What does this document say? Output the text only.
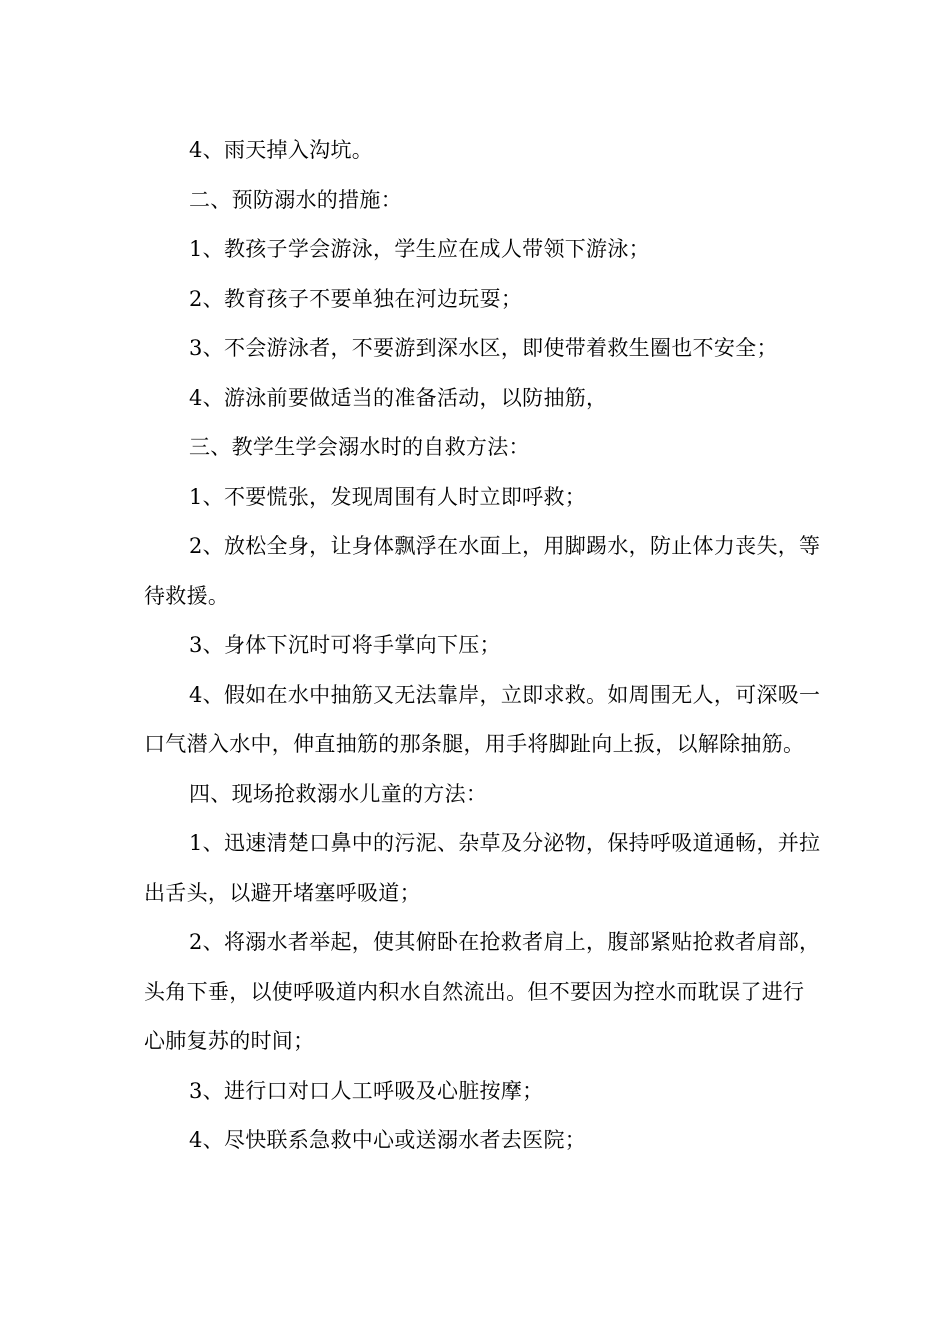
4、雨天掉入沟坑。

二、预防溺水的措施：

1、教孩子学会游泳，学生应在成人带领下游泳；

2、教育孩子不要单独在河边玩耍；

3、不会游泳者，不要游到深水区，即使带着救生圈也不安全；

4、游泳前要做适当的准备活动，以防抽筋，

三、教学生学会溺水时的自救方法：

1、不要慌张，发现周围有人时立即呼救；

2、放松全身，让身体飘浮在水面上，用脚踢水，防止体力丧失，等待救援。

3、身体下沉时可将手掌向下压；

4、假如在水中抽筋又无法靠岸，立即求救。如周围无人，可深吸一口气潜入水中，伸直抽筋的那条腿，用手将脚趾向上扳，以解除抽筋。

四、现场抢救溺水儿童的方法：

1、迅速清楚口鼻中的污泥、杂草及分泌物，保持呼吸道通畅，并拉出舌头，以避开堵塞呼吸道；

2、将溺水者举起，使其俯卧在抢救者肩上，腹部紧贴抢救者肩部，头角下垂，以使呼吸道内积水自然流出。但不要因为控水而耽误了进行心肺复苏的时间；

3、进行口对口人工呼吸及心脏按摩；

4、尽快联系急救中心或送溺水者去医院；
